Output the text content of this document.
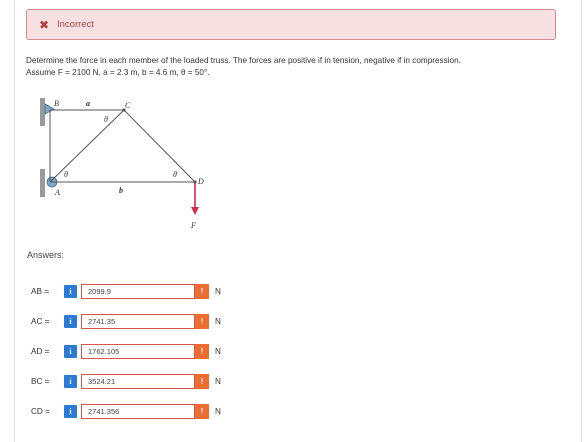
✖ Incorrect

Determine the force in each member of the loaded truss. The forces are positive if in tension, negative if in compression.

Assume F = 2100 N, a = 2.3 m, b = 4.6 m, θ = 50°.

B	a	C
θ
θ	θ
D
A	b
F
Answers:
AB =	i	2099.9	!	N
AC =	i	2741.35	!	N
AD =	i	1762.105	!	N
BC =	i	3524.21	!	N
CD =	i	2741.356	!	N
